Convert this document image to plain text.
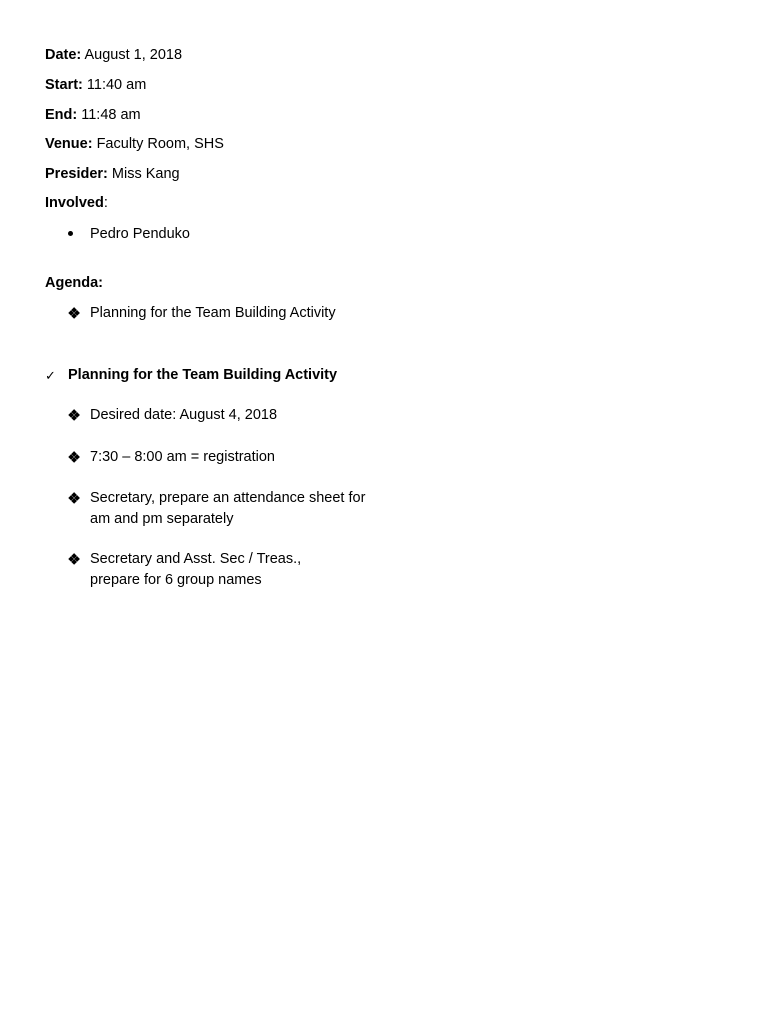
Date: August 1, 2018
Start: 11:40 am
End: 11:48 am
Venue: Faculty Room, SHS
Presider: Miss Kang
Involved:
Pedro Penduko
Agenda:
Planning for the Team Building Activity
✓ Planning for the Team Building Activity
Desired date: August 4, 2018
7:30 – 8:00 am = registration
Secretary, prepare an attendance sheet for am and pm separately
Secretary and Asst. Sec / Treas., prepare for 6 group names
